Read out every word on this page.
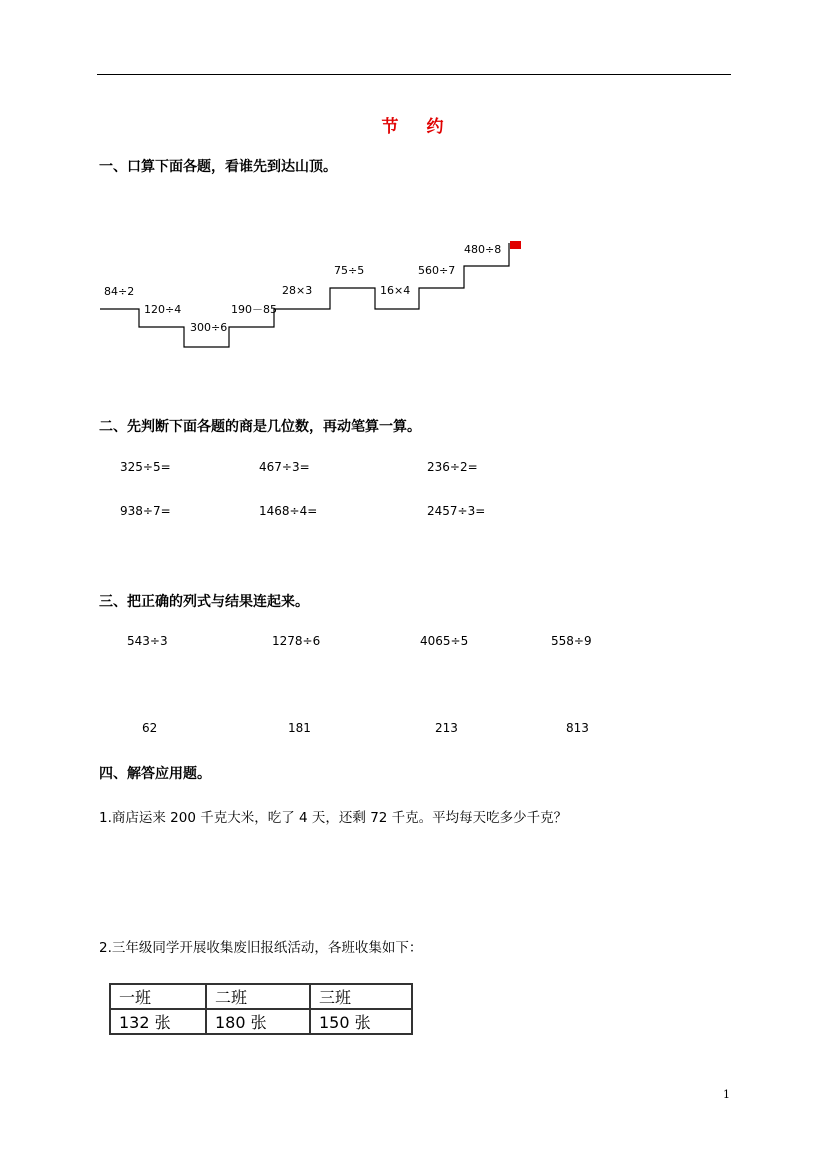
节 约
一、口算下面各题，看谁先到达山顶。
84÷2
120÷4
300÷6
190－85
28×3
75÷5
16×4
560÷7
480÷8
二、先判断下面各题的商是几位数，再动笔算一算。
325÷5=	467÷3=	236÷2=
938÷7=	1468÷4=	2457÷3=
三、把正确的列式与结果连起来。
543÷3	1278÷6	4065÷5	558÷9
62	181	213	813
四、解答应用题。
1.商店运来 200 千克大米，吃了 4 天，还剩 72 千克。平均每天吃多少千克？
2.三年级同学开展收集废旧报纸活动，各班收集如下：
一班	二班	三班
132 张	180 张	150 张
1
